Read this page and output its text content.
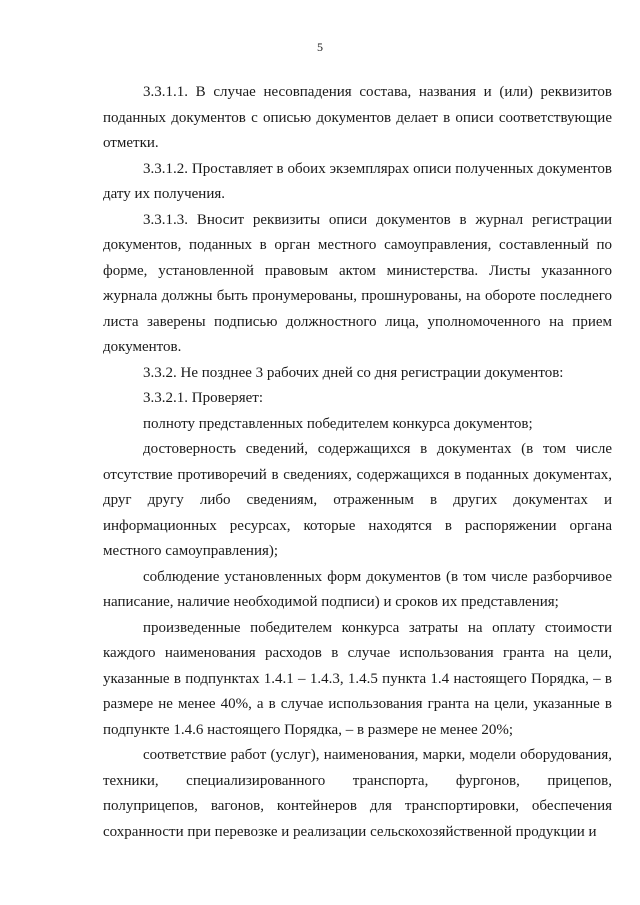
5

3.3.1.1. В случае несовпадения состава, названия и (или) реквизитов поданных документов с описью документов делает в описи соответствующие отметки.

3.3.1.2. Проставляет в обоих экземплярах описи полученных документов дату их получения.

3.3.1.3. Вносит реквизиты описи документов в журнал регистрации документов, поданных в орган местного самоуправления, составленный по форме, установленной правовым актом министерства. Листы указанного журнала должны быть пронумерованы, прошнурованы, на обороте последнего листа заверены подписью должностного лица, уполномоченного на прием документов.

3.3.2. Не позднее 3 рабочих дней со дня регистрации документов:

3.3.2.1. Проверяет:

полноту представленных победителем конкурса документов;

достоверность сведений, содержащихся в документах (в том числе отсутствие противоречий в сведениях, содержащихся в поданных документах, друг другу либо сведениям, отраженным в других документах и информационных ресурсах, которые находятся в распоряжении органа местного самоуправления);

соблюдение установленных форм документов (в том числе разборчивое написание, наличие необходимой подписи) и сроков их представления;

произведенные победителем конкурса затраты на оплату стоимости каждого наименования расходов в случае использования гранта на цели, указанные в подпунктах 1.4.1 – 1.4.3, 1.4.5 пункта 1.4 настоящего Порядка, – в размере не менее 40%, а в случае использования гранта на цели, указанные в подпункте 1.4.6 настоящего Порядка, – в размере не менее 20%;

соответствие работ (услуг), наименования, марки, модели оборудования, техники, специализированного транспорта, фургонов, прицепов, полуприцепов, вагонов, контейнеров для транспортировки, обеспечения сохранности при перевозке и реализации сельскохозяйственной продукции и
